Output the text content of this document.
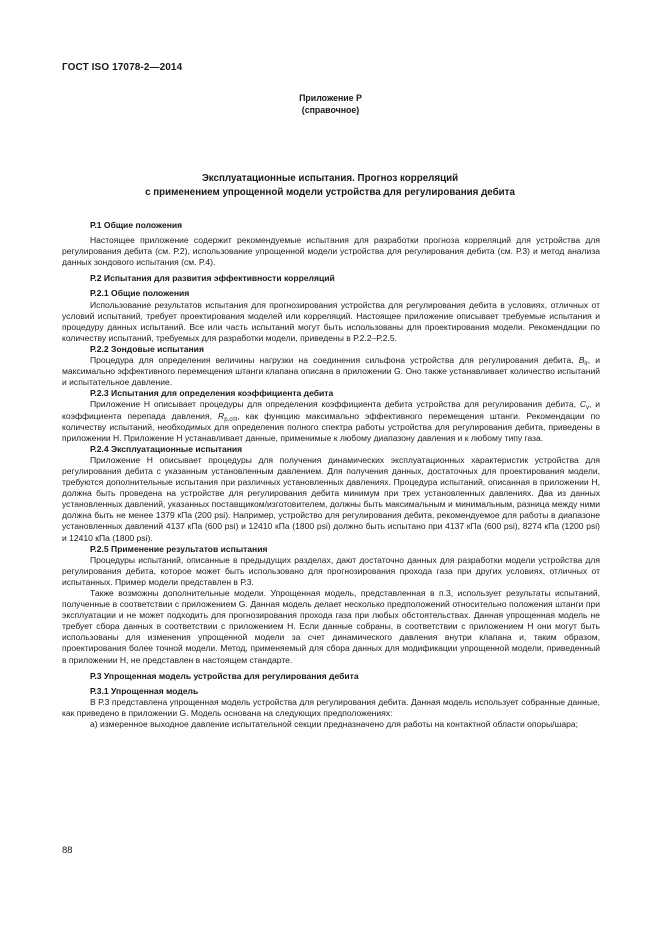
ГОСТ ISO 17078-2—2014
Приложение Р
(справочное)
Эксплуатационные испытания. Прогноз корреляций
с применением упрощенной модели устройства для регулирования дебита
Р.1 Общие положения

Настоящее приложение содержит рекомендуемые испытания для разработки прогноза корреляций для устройства для регулирования дебита (см. Р.2), использование упрощенной модели устройства для регулирования дебита (см. Р.3) и метод анализа данных зондового испытания (см. Р.4).

Р.2 Испытания для развития эффективности корреляций
Р.2.1 Общие положения

Использование результатов испытания для прогнозирования устройства для регулирования дебита в условиях, отличных от условий испытаний, требует проектирования моделей или корреляций. Настоящее приложение описывает требуемые испытания и процедуру данных испытаний. Все или часть испытаний могут быть использованы для проектирования модели. Рекомендации по количеству испытаний, требуемых для разработки модели, приведены в Р.2.2–Р.2.5.

Р.2.2 Зондовые испытания

Процедура для определения величины нагрузки на соединения сильфона устройства для регулирования дебита, $B_{lr}$, и максимально эффективного перемещения штанги клапана описана в приложении G. Оно также устанавливает количество испытаний и испытательное давление.

Р.2.3 Испытания для определения коэффициента дебита

Приложение Н описывает процедуры для определения коэффициента дебита устройства для регулирования дебита, $C_v$, и коэффициента перепада давления, $R_{p,crit}$, как функцию максимально эффективного перемещения штанги. Рекомендации по количеству испытаний, необходимых для определения полного спектра работы устройства для регулирования дебита, приведены в приложении Н. Приложение Н устанавливает данные, применимые к любому диапазону давления и к любому типу газа.

Р.2.4 Эксплуатационные испытания

Приложение Н описывает процедуры для получения динамических эксплуатационных характеристик устройства для регулирования дебита с указанным установленным давлением. Для получения данных, достаточных для проектирования модели, требуются дополнительные испытания при различных установленных давлениях. Процедура испытаний, описанная в приложении Н, должна быть проведена на устройстве для регулирования дебита минимум при трех установленных давлениях. Два из данных установленных давлений, указанных поставщиком/изготовителем, должны быть максимальным и минимальным, разница между ними должна быть не менее 1379 кПа (200 psi). Например, устройство для регулирования дебита, рекомендуемое для работы в диапазоне установленных давлений 4137 кПа (600 psi) и 12410 кПа (1800 psi) должно быть испытано при 4137 кПа (600 psi), 8274 кПа (1200 psi) и 12410 кПа (1800 psi).

Р.2.5 Применение результатов испытания

Процедуры испытаний, описанные в предыдущих разделах, дают достаточно данных для разработки модели устройства для регулирования дебита, которое может быть использовано для прогнозирования прохода газа при других условиях, отличных от испытанных. Пример модели представлен в Р.3.

Также возможны дополнительные модели. Упрощенная модель, представленная в п.3, использует результаты испытаний, полученные в соответствии с приложением G. Данная модель делает несколько предположений относительно положения штанги при эксплуатации и не может подходить для прогнозирования прохода газа при любых обстоятельствах. Данная упрощенная модель не требует сбора данных в соответствии с приложением Н. Если данные собраны, в соответствии с приложением Н они могут быть использованы для изменения упрощенной модели за счет динамического давления внутри клапана и, таким образом, проектирования более точной модели. Метод, применяемый для сбора данных для модификации упрощенной модели, приведенный в приложении Н, не представлен в настоящем стандарте.

Р.3 Упрощенная модель устройства для регулирования дебита
Р.3.1 Упрощенная модель

В Р.3 представлена упрощенная модель устройства для регулирования дебита. Данная модель использует собранные данные, как приведено в приложении G. Модель основана на следующих предположениях:

а) измеренное выходное давление испытательной секции предназначено для работы на контактной области опоры/шара;

88
